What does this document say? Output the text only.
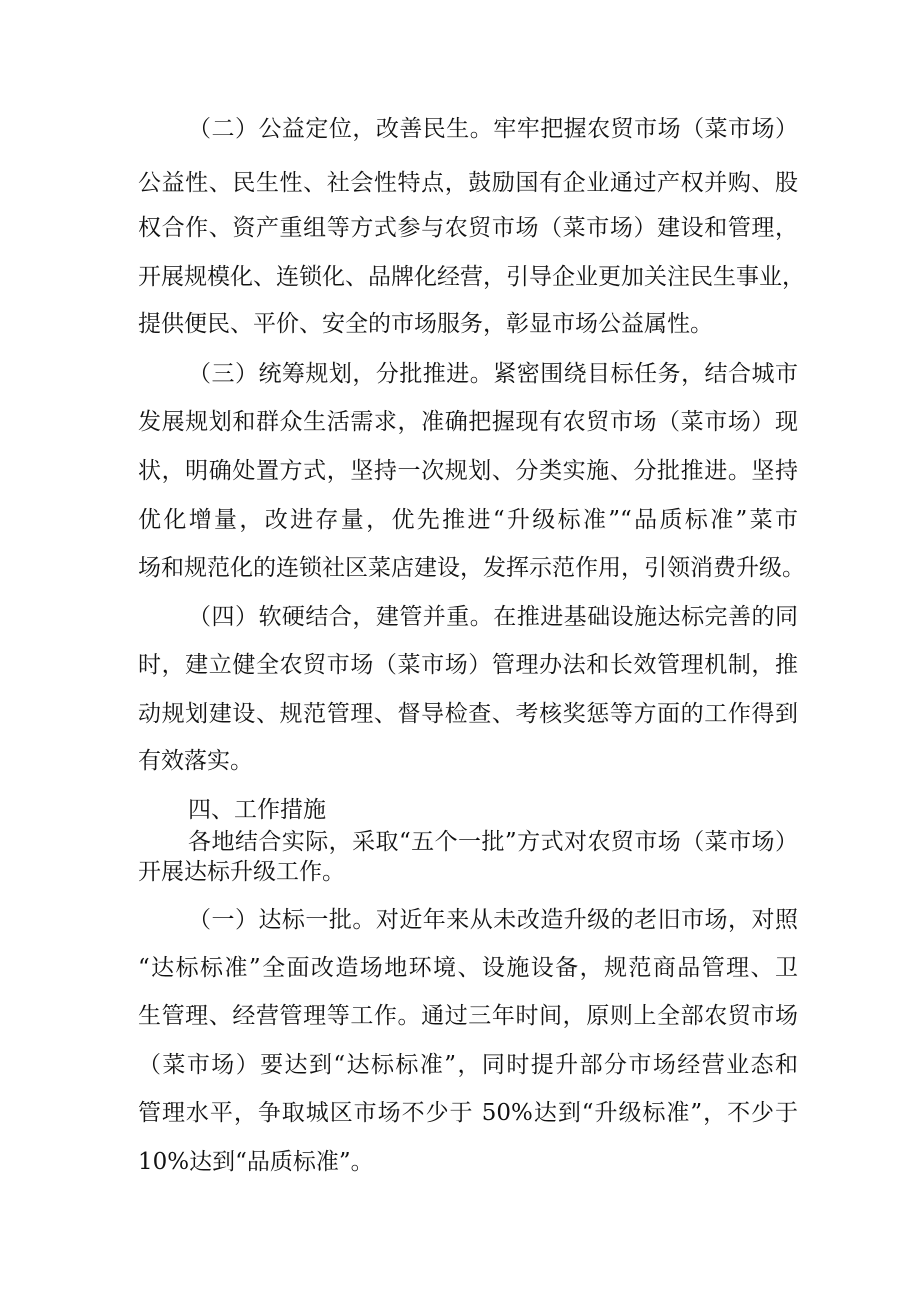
（二）公益定位，改善民生。牢牢把握农贸市场（菜市场）
公益性、民生性、社会性特点，鼓励国有企业通过产权并购、股
权合作、资产重组等方式参与农贸市场（菜市场）建设和管理，
开展规模化、连锁化、品牌化经营，引导企业更加关注民生事业，
提供便民、平价、安全的市场服务，彰显市场公益属性。
（三）统筹规划，分批推进。紧密围绕目标任务，结合城市
发展规划和群众生活需求，准确把握现有农贸市场（菜市场）现
状，明确处置方式，坚持一次规划、分类实施、分批推进。坚持
优化增量，改进存量，优先推进“升级标准”“品质标准”菜市
场和规范化的连锁社区菜店建设，发挥示范作用，引领消费升级。
（四）软硬结合，建管并重。在推进基础设施达标完善的同
时，建立健全农贸市场（菜市场）管理办法和长效管理机制，推
动规划建设、规范管理、督导检查、考核奖惩等方面的工作得到
有效落实。
四、工作措施
各地结合实际，采取“五个一批”方式对农贸市场（菜市场）
开展达标升级工作。
（一）达标一批。对近年来从未改造升级的老旧市场，对照
“达标标准”全面改造场地环境、设施设备，规范商品管理、卫
生管理、经营管理等工作。通过三年时间，原则上全部农贸市场
（菜市场）要达到“达标标准”，同时提升部分市场经营业态和
管理水平，争取城区市场不少于 50%达到“升级标准”，不少于
10%达到“品质标准”。
